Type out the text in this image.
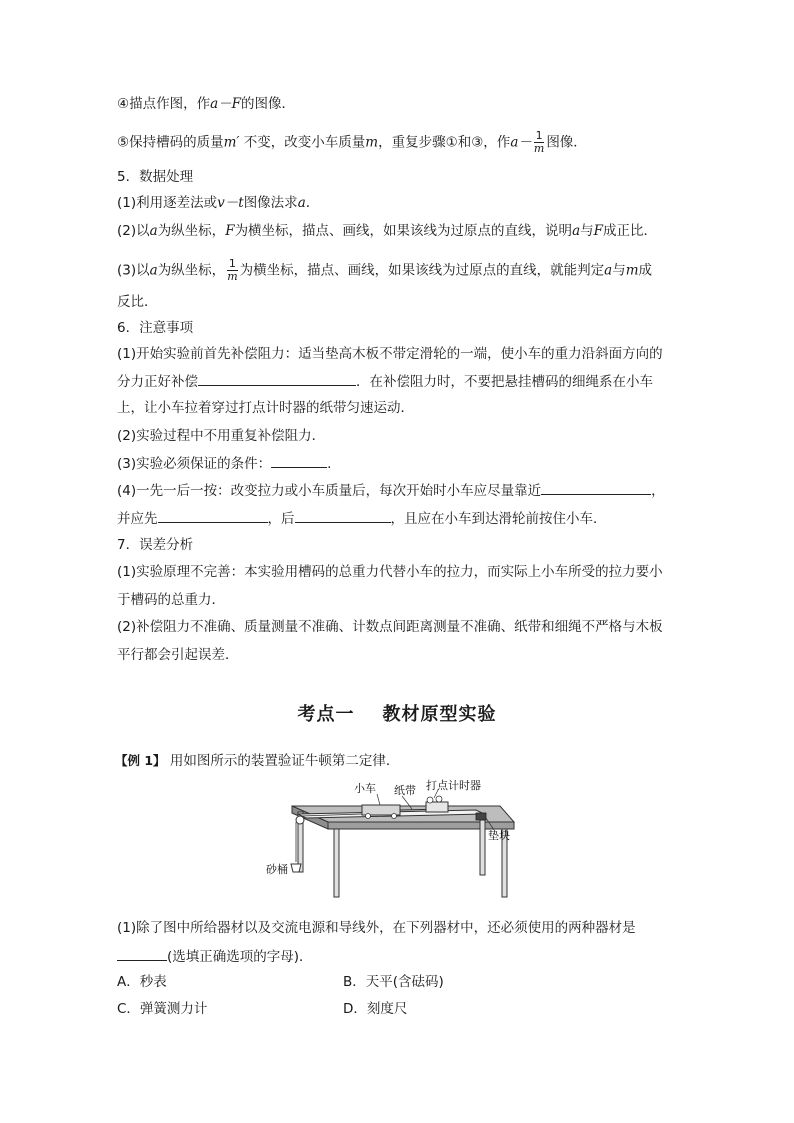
④描点作图，作a－F的图像．
⑤保持槽码的质量m′ 不变，改变小车质量m，重复步骤①和③，作$a- \frac{1}{m}$ 图像．
5．数据处理
(1)利用逐差法或v－t图像法求a.
(2)以a为纵坐标，F为横坐标，描点、画线，如果该线为过原点的直线，说明a与F成正比．
(3)以a为纵坐标， $\frac{1}{m}$ 为横坐标，描点、画线，如果该线为过原点的直线，就能判定a与m成
反比．
6．注意事项
(1)开始实验前首先补偿阻力：适当垫高木板不带定滑轮的一端，使小车的重力沿斜面方向的
分力正好补偿	．在补偿阻力时，不要把悬挂槽码的细绳系在小车
上，让小车拉着穿过打点计时器的纸带匀速运动．
(2)实验过程中不用重复补偿阻力．
(3)实验必须保证的条件：	.
(4)一先一后一按：改变拉力或小车质量后，每次开始时小车应尽量靠近	，
并应先	，后	，且应在小车到达滑轮前按住小车．
7．误差分析
(1)实验原理不完善：本实验用槽码的总重力代替小车的拉力，而实际上小车所受的拉力要小
于槽码的总重力．
(2)补偿阻力不准确、质量测量不准确、计数点间距离测量不准确、纸带和细绳不严格与木板
平行都会引起误差．
考点一 教材原型实验
【例 1】 用如图所示的装置验证牛顿第二定律．
小车 纸带 打点计时器
垫块
砂桶
(1)除了图中所给器材以及交流电源和导线外，在下列器材中，还必须使用的两种器材是
(选填正确选项的字母)．
A．秒表	B．天平(含砝码)
C．弹簧测力计	D．刻度尺
